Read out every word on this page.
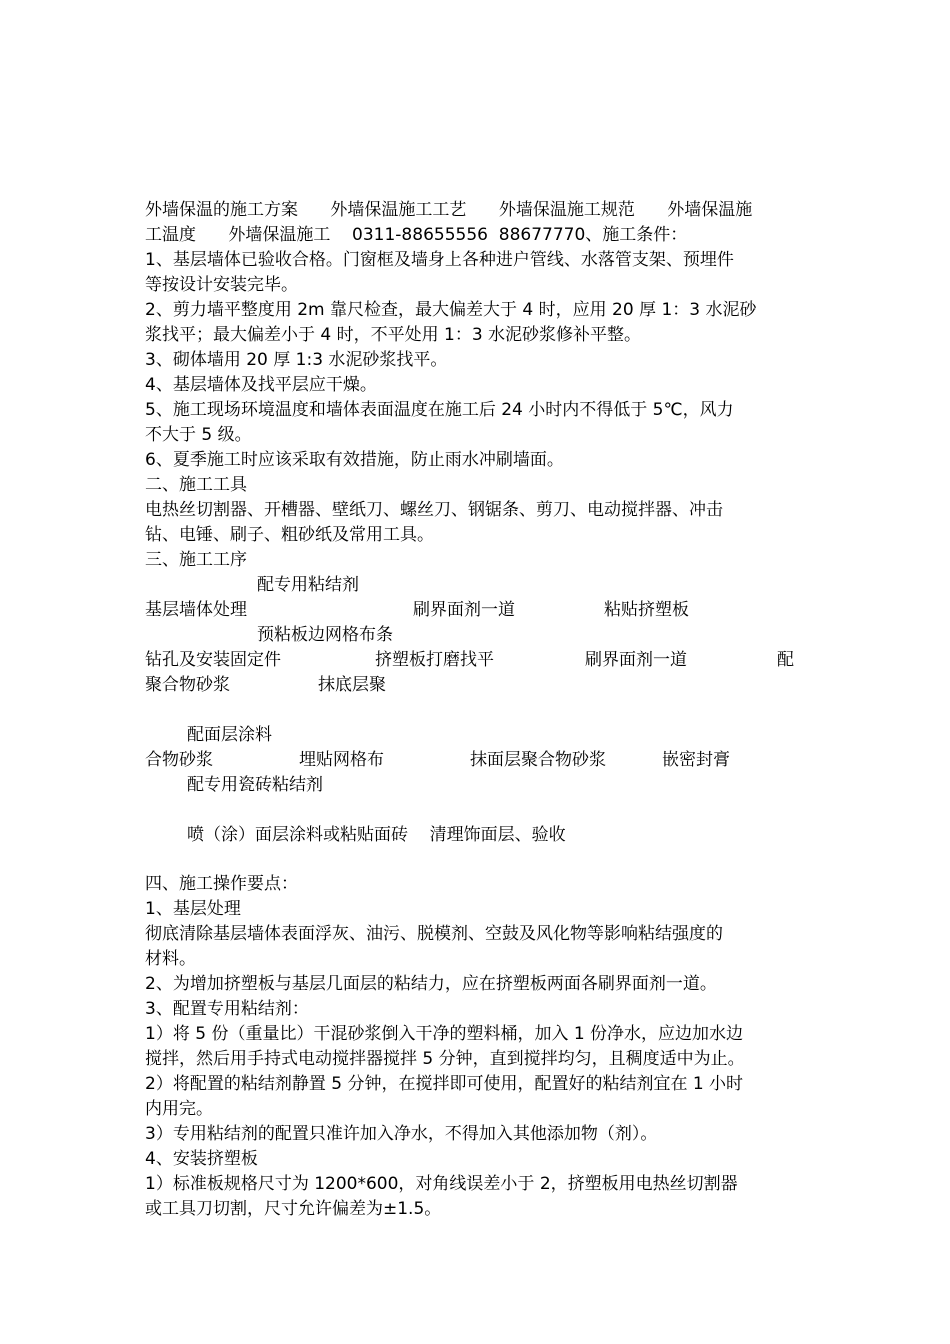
外墙保温的施工方案      外墙保温施工工艺      外墙保温施工规范      外墙保温施
工温度      外墙保温施工    0311-88655556  88677770、施工条件：
1、基层墙体已验收合格。门窗框及墙身上各种进户管线、水落管支架、预埋件
等按设计安装完毕。
2、剪力墙平整度用 2m 靠尺检查，最大偏差大于 4 时，应用 20 厚 1：3 水泥砂
浆找平；最大偏差小于 4 时，不平处用 1：3 水泥砂浆修补平整。
3、砌体墙用 20 厚 1:3 水泥砂浆找平。
4、基层墙体及找平层应干燥。
5、施工现场环境温度和墙体表面温度在施工后 24 小时内不得低于 5℃，风力
不大于 5 级。
6、夏季施工时应该采取有效措施，防止雨水冲刷墙面。
二、施工工具
电热丝切割器、开槽器、壁纸刀、螺丝刀、钢锯条、剪刀、电动搅拌器、冲击
钻、电锤、刷子、粗砂纸及常用工具。
三、施工工序
配专用粘结剂
基层墙体处理	刷界面剂一道	粘贴挤塑板
预粘板边网格布条
钻孔及安装固定件	挤塑板打磨找平	刷界面剂一道	配
聚合物砂浆	抹底层聚
配面层涂料
合物砂浆	埋贴网格布	抹面层聚合物砂浆	嵌密封膏
配专用瓷砖粘结剂
喷（涂）面层涂料或粘贴面砖    清理饰面层、验收
四、施工操作要点：
1、基层处理
彻底清除基层墙体表面浮灰、油污、脱模剂、空鼓及风化物等影响粘结强度的
材料。
2、为增加挤塑板与基层几面层的粘结力，应在挤塑板两面各刷界面剂一道。
3、配置专用粘结剂：
1）将 5 份（重量比）干混砂浆倒入干净的塑料桶，加入 1 份净水，应边加水边
搅拌，然后用手持式电动搅拌器搅拌 5 分钟，直到搅拌均匀，且稠度适中为止。
2）将配置的粘结剂静置 5 分钟，在搅拌即可使用，配置好的粘结剂宜在 1 小时
内用完。
3）专用粘结剂的配置只准许加入净水，不得加入其他添加物（剂）。
4、安装挤塑板
1）标准板规格尺寸为 1200*600，对角线误差小于 2，挤塑板用电热丝切割器
或工具刀切割，尺寸允许偏差为±1.5。
